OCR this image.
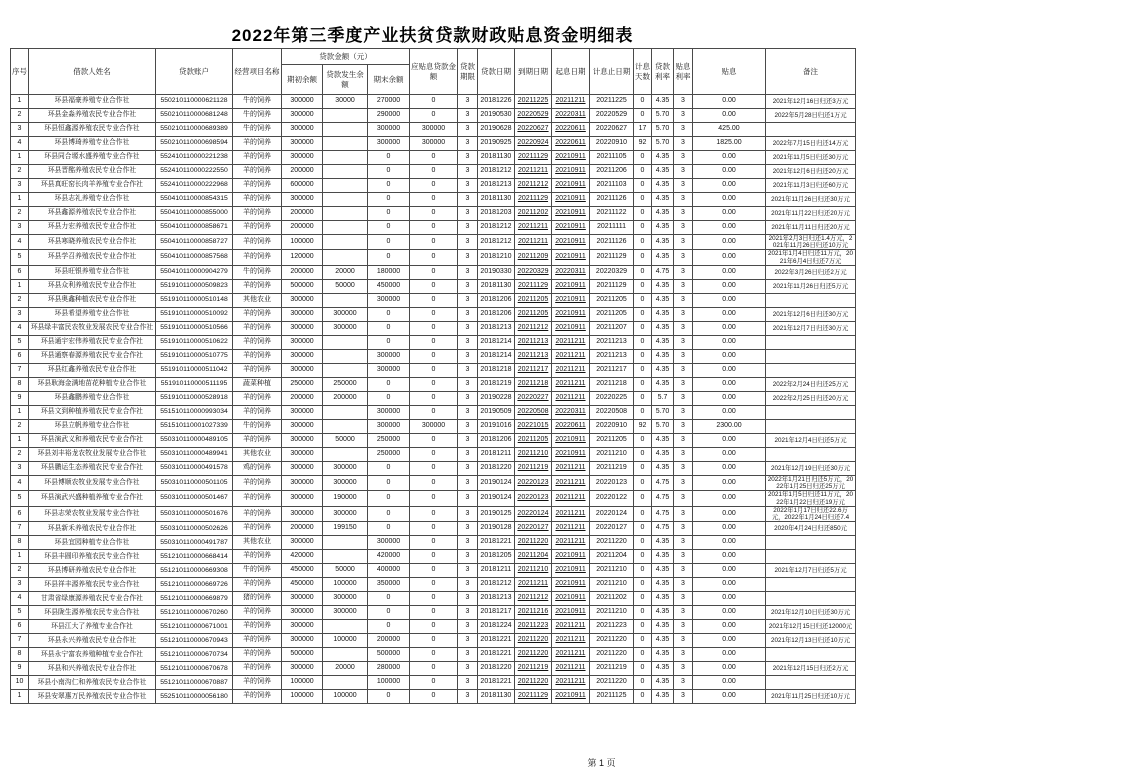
2022年第三季度产业扶贫贷款财政贴息资金明细表
序号	借款人姓名	贷款账户	经营项目名称	贷款金额（元）			应贴息贷款金额	贷款期限	贷款日期	到期日期	起息日期	计息止日期	计息天数	贷款利率	贴息利率	贴息	备注
				期初余额	贷款发生余额	期末余额											
1	环县福豪养殖专业合作社	550210110000621128	牛的饲养	300000	30000	270000	0	3	20181226	20211225	20211211	20211225	0	4.35	3	0.00	2021年12月16日归还3万元
2	环县金淼养殖农民专业合作社	550210110000681248	牛的饲养	300000		290000	0	3	20190530	20220529	20220311	20220529	0	5.70	3	0.00	2022年5月28日归还1万元
3	环县恒鑫源养殖农民专业合作社	550210110000689389	牛的饲养	300000		300000	300000	3	20190628	20220627	20220611	20220627	17	5.70	3	425.00	
4	环县博琦养殖专业合作社	550210110000698594	羊的饲养	300000		300000	300000	3	20190925	20220924	20220611	20220910	92	5.70	3	1825.00	2022年7月15日归还14万元
1	环县同合塬水盛养殖专业合作社	552410110000221238	羊的饲养	300000		0	0	3	20181130	20211129	20210911	20211105	0	4.35	3	0.00	2021年11月5日归还30万元
2	环县晋酩养殖农民专业合作社	552410110000222550	羊的饲养	200000		0	0	3	20181212	20211211	20210911	20211206	0	4.35	3	0.00	2021年12月6日归还20万元
3	环县真旺窑长肉羊养殖专业合作社	552410110000222968	羊的饲养	600000		0	0	3	20181213	20211212	20210911	20211103	0	4.35	3	0.00	2021年11月3日归还60万元
1	环县志礼养殖专业合作社	550410110000854315	羊的饲养	300000		0	0	3	20181130	20211129	20210911	20211126	0	4.35	3	0.00	2021年11月26日归还30万元
2	环县鑫源养殖农民专业合作社	550410110000855000	羊的饲养	200000		0	0	3	20181203	20211202	20210911	20211122	0	4.35	3	0.00	2021年11月22日归还20万元
3	环县力宏养殖农民专业合作社	550410110000858671	羊的饲养	200000		0	0	3	20181212	20211211	20210911	20211111	0	4.35	3	0.00	2021年11月11日归还20万元
4	环县寒晓养殖农民专业合作社	550410110000858727	羊的饲养	100000		0	0	3	20181212	20211211	20210911	20211126	0	4.35	3	0.00	2021年2月3日归还1.4万元，2021年11月26日归还10万元
5	环县学召养殖农民专业合作社	550410110000857568	羊的饲养	120000		0	0	3	20181210	20211209	20210911	20211129	0	4.35	3	0.00	2021年1月4日归还11万元，2021年6月4日归还7万元
6	环县旺银养殖专业合作社	550410110000904279	牛的饲养	200000	20000	180000	0	3	20190330	20220329	20220311	20220329	0	4.75	3	0.00	2022年3月26日归还2万元
1	环县众利养殖农民专业合作社	551910110000509823	羊的饲养	500000	50000	450000	0	3	20181130	20211129	20210911	20211129	0	4.35	3	0.00	2021年11月26日归还5万元
2	环县奥鑫种植农民专业合作社	551910110000510148	其他农业	300000		300000	0	3	20181206	20211205	20210911	20211205	0	4.35	3	0.00	
3	环县希望养殖专业合作社	551910110000510092	羊的饲养	300000	300000	0	0	3	20181206	20211205	20210911	20211205	0	4.35	3	0.00	2021年12月6日归还30万元
4	环县绿丰富民农牧业发展农民专业合作社	551910110000510566	羊的饲养	300000	300000	0	0	3	20181213	20211212	20210911	20211207	0	4.35	3	0.00	2021年12月7日归还30万元
5	环县通宇宏伟养殖农民专业合作社	551910110000510622	羊的饲养	300000		0	0	3	20181214	20211213	20211211	20211213	0	4.35	3	0.00	
6	环县通察春源养殖农民专业合作社	551910110000510775	羊的饲养	300000		300000	0	3	20181214	20211213	20211211	20211213	0	4.35	3	0.00	
7	环县红鑫养殖农民专业合作社	551910110000511042	羊的饲养	300000		300000	0	3	20181218	20211217	20211211	20211217	0	4.35	3	0.00	
8	环县耿海金满地苗花种植专业合作社	551910110000511195	蔬菜种植	250000	250000	0	0	3	20181219	20211218	20211211	20211218	0	4.35	3	0.00	2022年2月24日归还25万元
9	环县鑫鹏养殖专业合作社	551910110000528918	羊的饲养	200000	200000	0	0	3	20190228	20220227	20211211	20220225	0	5.7	3	0.00	2022年2月25日归还20万元
1	环县文到种植养殖农民专业合作社	551510110000993034	羊的饲养	300000		300000	0	3	20190509	20220508	20220311	20220508	0	5.70	3	0.00	
2	环县立帆养殖专业合作社	551510110001027339	牛的饲养	300000		300000	300000	3	20191016	20221015	20220611	20220910	92	5.70	3	2300.00	
1	环县演武义和养殖农民专业合作社	550310110000489105	羊的饲养	300000	50000	250000	0	3	20181206	20211205	20210911	20211205	0	4.35	3	0.00	2021年12月4日归还5万元
2	环县刘丰裕龙农牧业发展专业合作社	550310110000489941	其他农业	300000		250000	0	3	20181211	20211210	20210911	20211210	0	4.35	3	0.00	
3	环县鹏运生态养殖农民专业合作社	550310110000491578	鸡的饲养	300000	300000	0	0	3	20181220	20211219	20211211	20211219	0	4.35	3	0.00	2021年12月19日归还30万元
4	环县博顺农牧业发展专业合作社	550310110000501105	羊的饲养	300000	300000	0	0	3	20190124	20220123	20211211	20220123	0	4.75	3	0.00	2022年1月21日归还5万元，2022年1月25日归还25万元
5	环县演武兴盛种植养殖专业合作社	550310110000501467	羊的饲养	300000	190000	0	0	3	20190124	20220123	20211211	20220122	0	4.75	3	0.00	2021年1月5日归还11万元，2022年1月22日归还19万元
6	环县志荣农牧业发展专业合作社	550310110000501676	羊的饲养	300000	300000	0	0	3	20190125	20220124	20211211	20220124	0	4.75	3	0.00	2022年1月17日归还22.6万元，2022年1月24日归还7.4
7	环县新禾养殖农民专业合作社	550310110000502626	羊的饲养	200000	199150	0	0	3	20190128	20220127	20211211	20220127	0	4.75	3	0.00	2020年4月24日归还850元
8	环县宜园种植专业合作社	550310110000491787	其他农业	300000		300000	0	3	20181221	20211220	20211211	20211220	0	4.35	3	0.00	
1	环县丰圆印养殖农民专业合作社	551210110000668414	羊的饲养	420000		420000	0	3	20181205	20211204	20210911	20211204	0	4.35	3	0.00	
2	环县博研养殖农民专业合作社	551210110000669308	牛的饲养	450000	50000	400000	0	3	20181211	20211210	20210911	20211210	0	4.35	3	0.00	2021年12月7日归还5万元
3	环县祥丰源养殖农民专业合作社	551210110000669726	羊的饲养	450000	100000	350000	0	3	20181212	20211211	20210911	20211210	0	4.35	3	0.00	
4	甘肃省绿康源养殖农民专业合作社	551210110000669879	猪的饲养	300000	300000	0	0	3	20181213	20211212	20210911	20211202	0	4.35	3	0.00	
5	环县陇生源养殖农民专业合作社	551210110000670260	羊的饲养	300000	300000	0	0	3	20181217	20211216	20210911	20211210	0	4.35	3	0.00	2021年12月10日归还30万元
6	环县江大了养殖专业合作社	551210110000671001	羊的饲养	300000		0	0	3	20181224	20211223	20211211	20211223	0	4.35	3	0.00	2021年12月15日归还12000元
7	环县永兴养殖农民专业合作社	551210110000670943	羊的饲养	300000	100000	200000	0	3	20181221	20211220	20211211	20211220	0	4.35	3	0.00	2021年12月13日归还10万元
8	环县永宁富农养殖种植专业合作社	551210110000670734	羊的饲养	500000		500000	0	3	20181221	20211220	20211211	20211220	0	4.35	3	0.00	
9	环县和兴养殖农民专业合作社	551210110000670678	羊的饲养	300000	20000	280000	0	3	20181220	20211219	20211211	20211219	0	4.35	3	0.00	2021年12月15日归还2万元
10	环县小南沟仁和养殖农民专业合作社	551210110000670887	羊的饲养	100000		100000	0	3	20181221	20211220	20211211	20211220	0	4.35	3	0.00	
1	环县安翠惠万民养殖农民专业合作社	552510110000056180	羊的饲养	100000	100000	0	0	3	20181130	20211129	20210911	20211125	0	4.35	3	0.00	2021年11月25日归还10万元
第 1 页
